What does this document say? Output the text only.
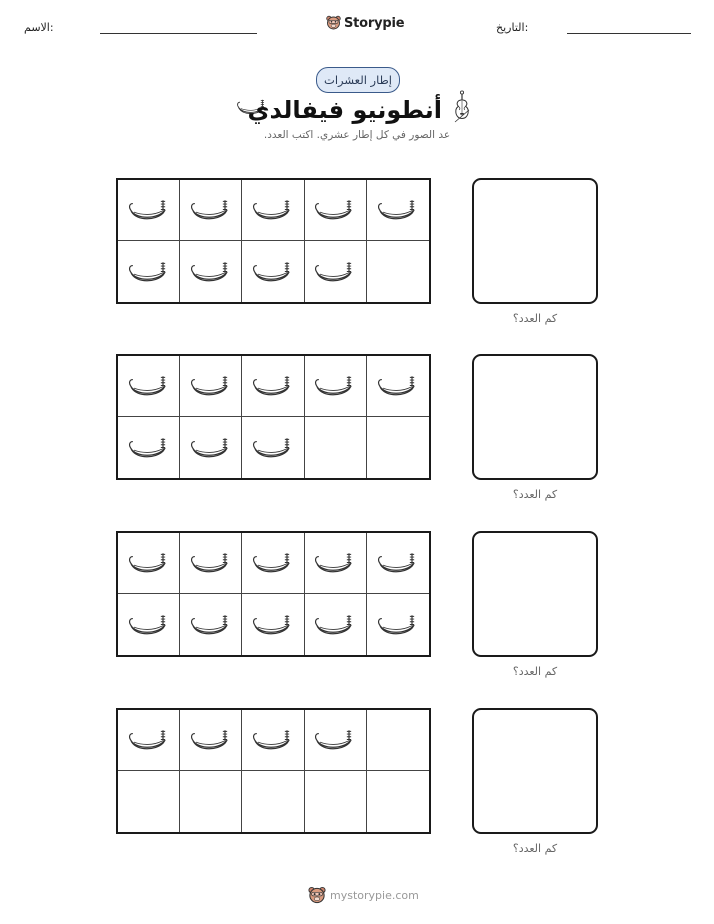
الاسم:	Storypie	التاريخ:
إطار العشرات
أنطونيو فيفالدي
عد الصور في كل إطار عشري. اكتب العدد.
كم العدد؟
كم العدد؟
كم العدد؟
كم العدد؟
mystorypie.com
